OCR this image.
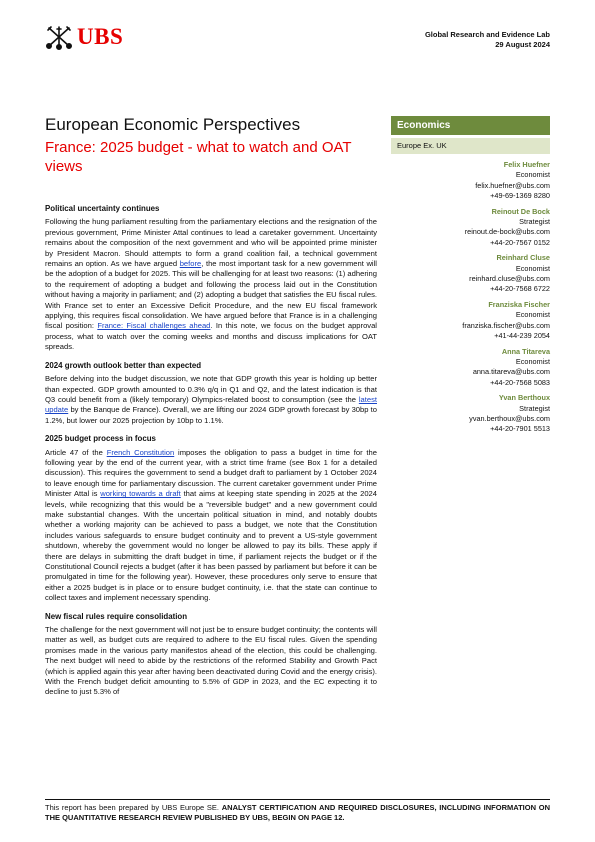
UBS	Global Research and Evidence Lab
29 August 2024
European Economic Perspectives
France: 2025 budget - what to watch and OAT views
Economics
Europe Ex. UK
Felix Huefner
Economist
felix.huefner@ubs.com
+49-69-1369 8280
Reinout De Bock
Strategist
reinout.de-bock@ubs.com
+44-20-7567 0152
Reinhard Cluse
Economist
reinhard.cluse@ubs.com
+44-20-7568 6722
Franziska Fischer
Economist
franziska.fischer@ubs.com
+41-44-239 2054
Anna Titareva
Economist
anna.titareva@ubs.com
+44-20-7568 5083
Yvan Berthoux
Strategist
yvan.berthoux@ubs.com
+44-20-7901 5513
Political uncertainty continues

Following the hung parliament resulting from the parliamentary elections and the resignation of the previous government, Prime Minister Attal continues to lead a caretaker government. Uncertainty remains about the composition of the next government and who will be appointed prime minister by President Macron. Should attempts to form a grand coalition fail, a technical government remains an option. As we have argued before, the most important task for a new government will be the adoption of a budget for 2025. This will be challenging for at least two reasons: (1) adhering to the requirement of adopting a budget and following the process laid out in the Constitution without having a majority in parliament; and (2) adopting a budget that satisfies the EU fiscal rules. With France set to enter an Excessive Deficit Procedure, and the new EU fiscal framework applying, this requires fiscal consolidation. We have argued before that France is in a challenging fiscal position: France: Fiscal challenges ahead. In this note, we focus on the budget approval process, what to watch over the coming weeks and months and discuss implications for OAT spreads.

2024 growth outlook better than expected

Before delving into the budget discussion, we note that GDP growth this year is holding up better than expected. GDP growth amounted to 0.3% q/q in Q1 and Q2, and the latest indication is that Q3 could benefit from a (likely temporary) Olympics-related boost to consumption (see the latest update by the Banque de France). Overall, we are lifting our 2024 GDP growth forecast by 30bp to 1.2%, but lower our 2025 projection by 10bp to 1.1%.

2025 budget process in focus

Article 47 of the French Constitution imposes the obligation to pass a budget in time for the following year by the end of the current year, with a strict time frame (see Box 1 for a detailed discussion). This requires the government to send a budget draft to parliament by 1 October 2024 to leave enough time for parliamentary discussion. The current caretaker government under Prime Minister Attal is working towards a draft that aims at keeping state spending in 2025 at the 2024 levels, while recognizing that this would be a "reversible budget" and a new government could make substantial changes. With the uncertain political situation in mind, and notably doubts whether a working majority can be achieved to pass a budget, we note that the Constitution includes various safeguards to ensure budget continuity and to prevent a US-style government shutdown, whereby the government would no longer be allowed to pay its bills. These apply if there are delays in submitting the draft budget in time, if parliament rejects the budget or if the Constitutional Council rejects a budget (after it has been passed by parliament but before it can be promulgated in time for the following year). However, these procedures only serve to ensure that either a 2025 budget is in place or to ensure budget continuity, i.e. that the state can continue to collect taxes and implement necessary spending.

New fiscal rules require consolidation

The challenge for the next government will not just be to ensure budget continuity; the contents will matter as well, as budget cuts are required to adhere to the EU fiscal rules. Given the spending promises made in the various party manifestos ahead of the election, this could be challenging. The next budget will need to abide by the restrictions of the reformed Stability and Growth Pact (which is applied again this year after having been deactivated during Covid and the energy crisis). With the French budget deficit amounting to 5.5% of GDP in 2023, and the EC expecting it to decline to just 5.3% of

This report has been prepared by UBS Europe SE. ANALYST CERTIFICATION AND REQUIRED DISCLOSURES, INCLUDING INFORMATION ON THE QUANTITATIVE RESEARCH REVIEW PUBLISHED BY UBS, BEGIN ON PAGE 12.
